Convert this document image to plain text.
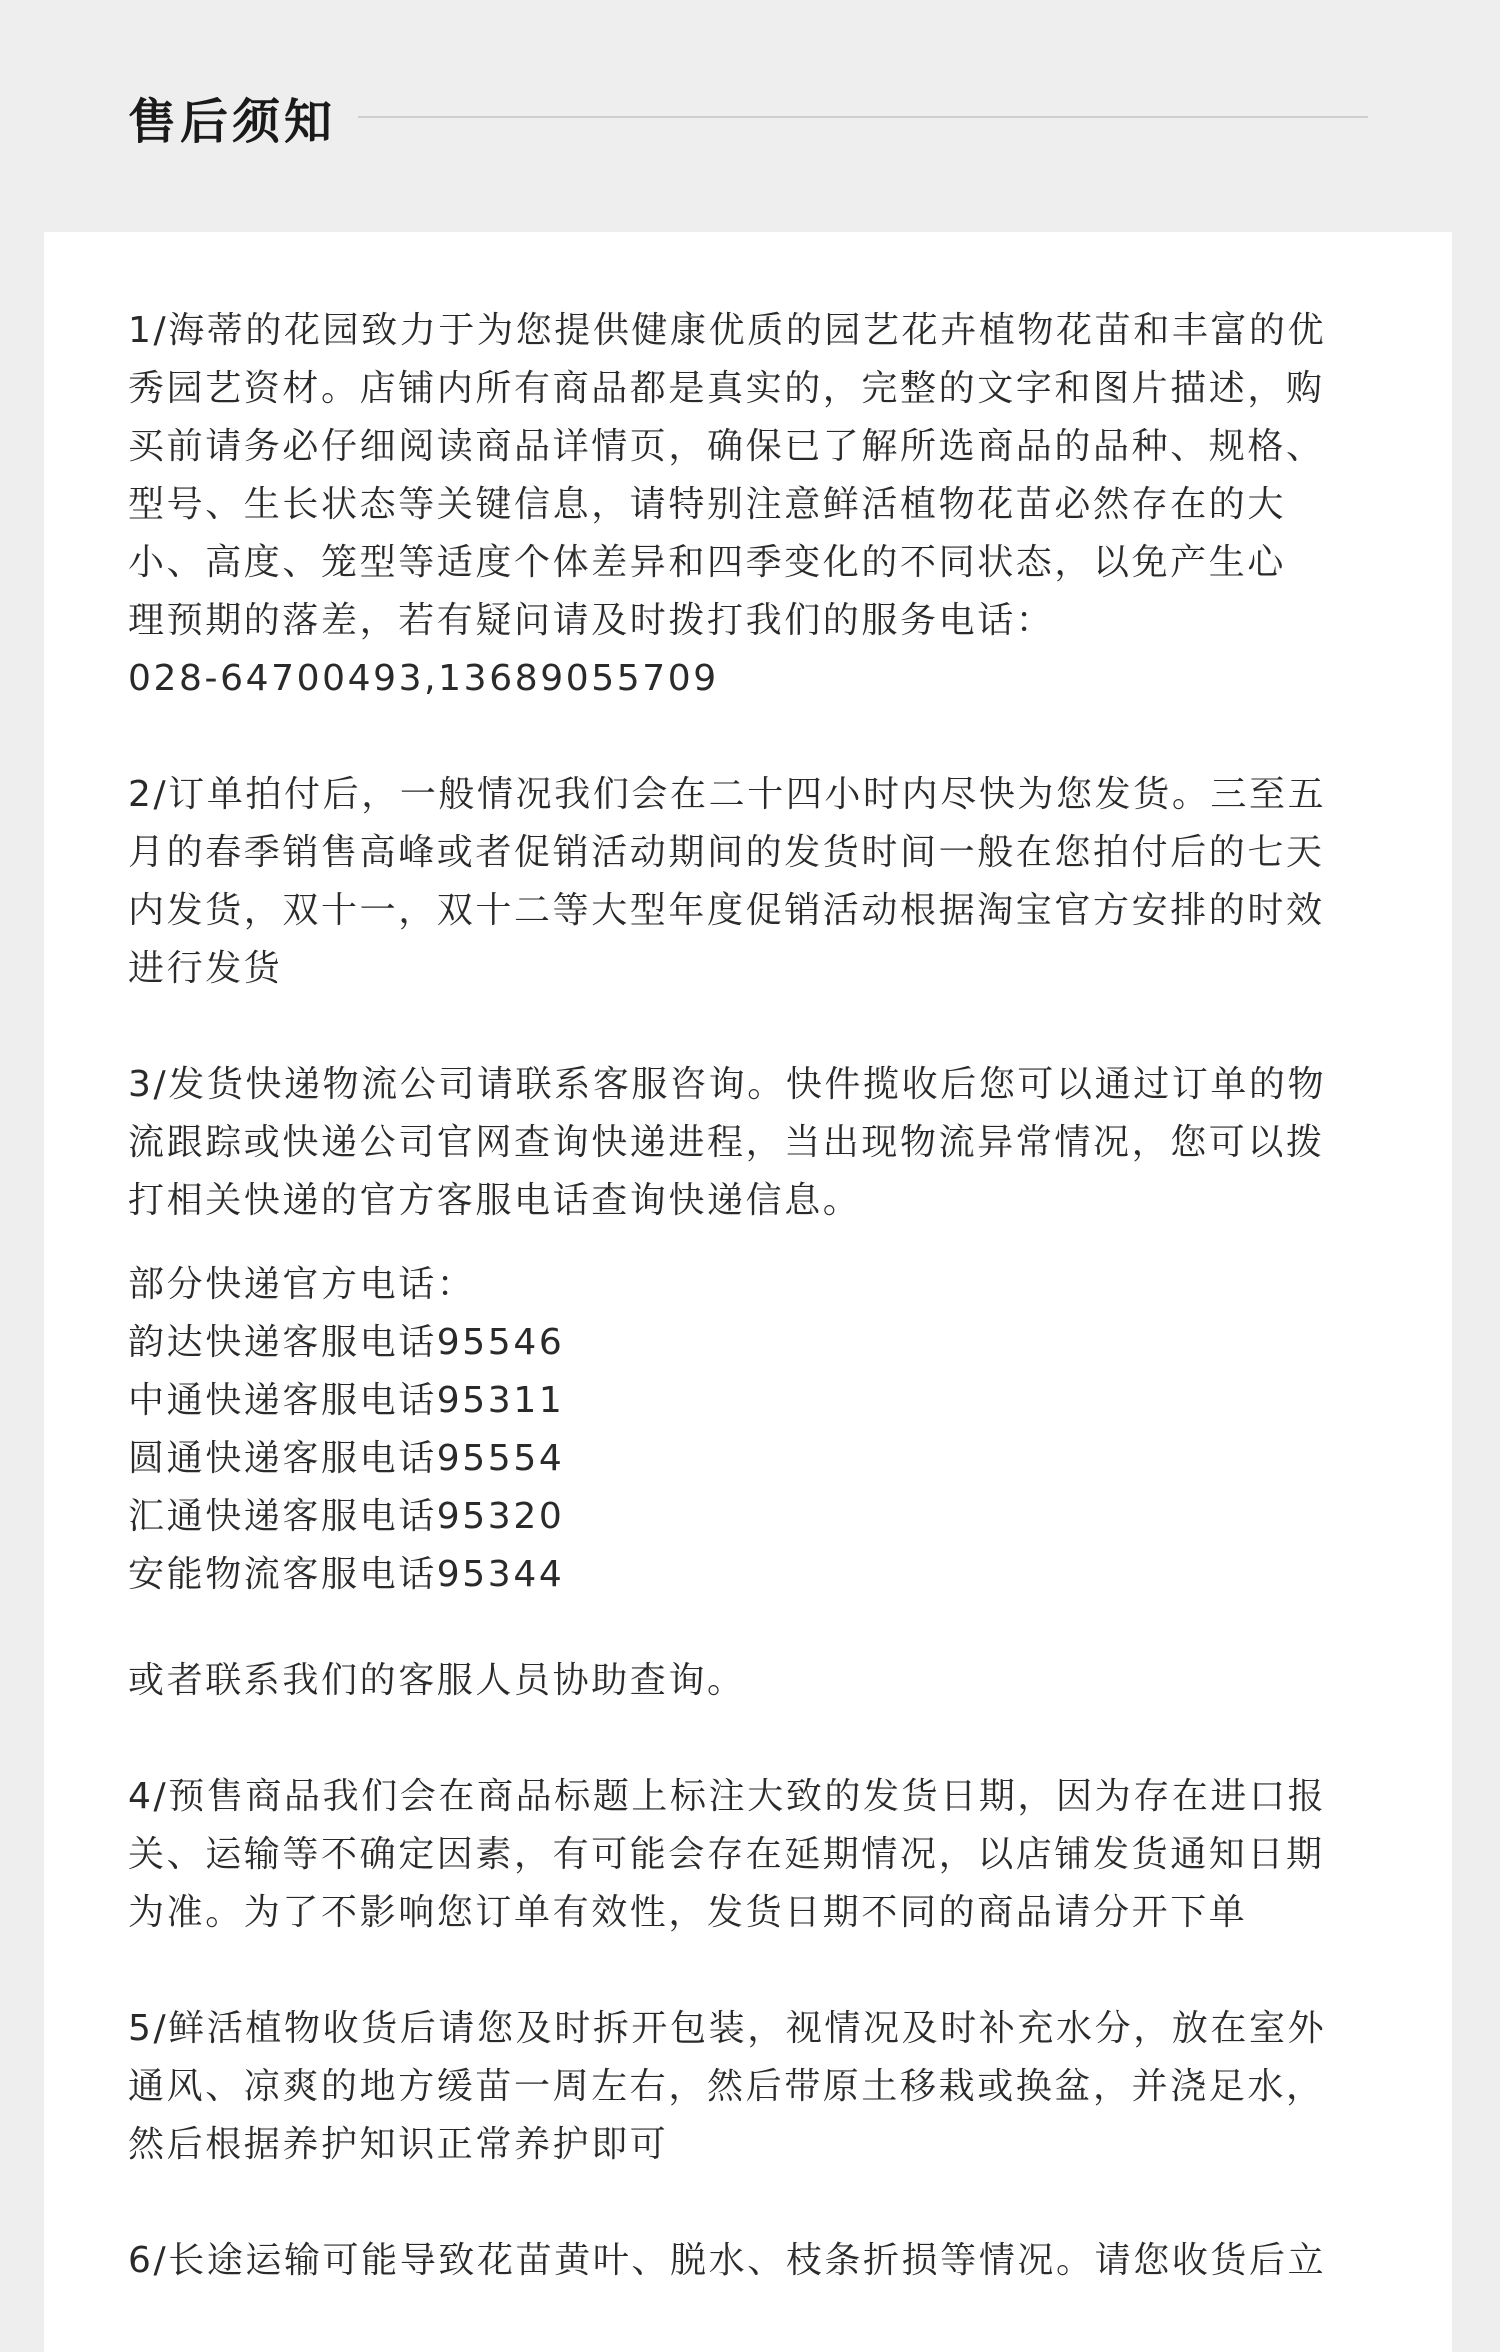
售后须知
1/海蒂的花园致力于为您提供健康优质的园艺花卉植物花苗和丰富的优
秀园艺资材。店铺内所有商品都是真实的，完整的文字和图片描述，购
买前请务必仔细阅读商品详情页，确保已了解所选商品的品种、规格、
型号、生长状态等关键信息，请特别注意鲜活植物花苗必然存在的大
小、高度、笼型等适度个体差异和四季变化的不同状态，以免产生心
理预期的落差，若有疑问请及时拨打我们的服务电话：
028-64700493,13689055709
2/订单拍付后，一般情况我们会在二十四小时内尽快为您发货。三至五
月的春季销售高峰或者促销活动期间的发货时间一般在您拍付后的七天
内发货，双十一，双十二等大型年度促销活动根据淘宝官方安排的时效
进行发货
3/发货快递物流公司请联系客服咨询。快件揽收后您可以通过订单的物
流跟踪或快递公司官网查询快递进程，当出现物流异常情况，您可以拨
打相关快递的官方客服电话查询快递信息。
部分快递官方电话：
韵达快递客服电话95546
中通快递客服电话95311
圆通快递客服电话95554
汇通快递客服电话95320
安能物流客服电话95344
或者联系我们的客服人员协助查询。
4/预售商品我们会在商品标题上标注大致的发货日期，因为存在进口报
关、运输等不确定因素，有可能会存在延期情况，以店铺发货通知日期
为准。为了不影响您订单有效性，发货日期不同的商品请分开下单
5/鲜活植物收货后请您及时拆开包装，视情况及时补充水分，放在室外
通风、凉爽的地方缓苗一周左右，然后带原土移栽或换盆，并浇足水，
然后根据养护知识正常养护即可
6/长途运输可能导致花苗黄叶、脱水、枝条折损等情况。请您收货后立
